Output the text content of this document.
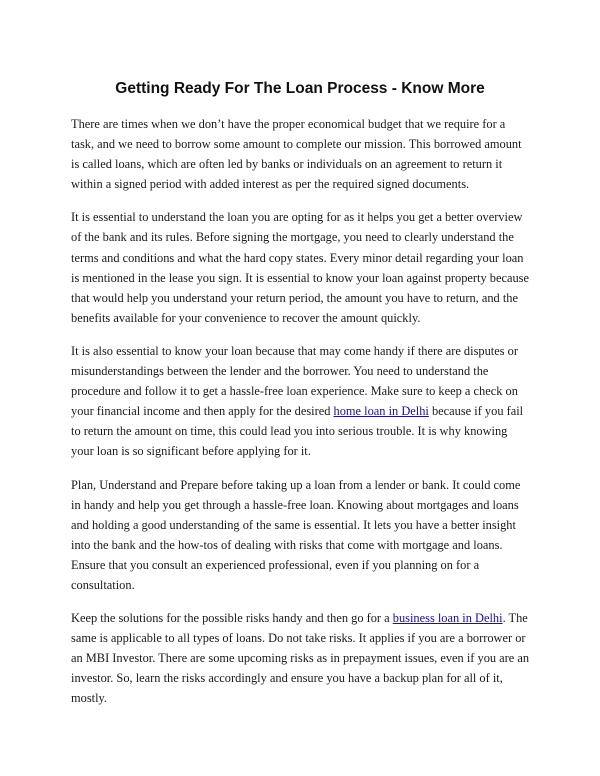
Getting Ready For The Loan Process - Know More

There are times when we don’t have the proper economical budget that we require for a task, and we need to borrow some amount to complete our mission. This borrowed amount is called loans, which are often led by banks or individuals on an agreement to return it within a signed period with added interest as per the required signed documents.

It is essential to understand the loan you are opting for as it helps you get a better overview of the bank and its rules. Before signing the mortgage, you need to clearly understand the terms and conditions and what the hard copy states. Every minor detail regarding your loan is mentioned in the lease you sign. It is essential to know your loan against property because that would help you understand your return period, the amount you have to return, and the benefits available for your convenience to recover the amount quickly.

It is also essential to know your loan because that may come handy if there are disputes or misunderstandings between the lender and the borrower. You need to understand the procedure and follow it to get a hassle-free loan experience. Make sure to keep a check on your financial income and then apply for the desired home loan in Delhi because if you fail to return the amount on time, this could lead you into serious trouble. It is why knowing your loan is so significant before applying for it.

Plan, Understand and Prepare before taking up a loan from a lender or bank. It could come in handy and help you get through a hassle-free loan. Knowing about mortgages and loans and holding a good understanding of the same is essential. It lets you have a better insight into the bank and the how-tos of dealing with risks that come with mortgage and loans. Ensure that you consult an experienced professional, even if you planning on for a consultation.

Keep the solutions for the possible risks handy and then go for a business loan in Delhi. The same is applicable to all types of loans. Do not take risks. It applies if you are a borrower or an MBI Investor. There are some upcoming risks as in prepayment issues, even if you are an investor. So, learn the risks accordingly and ensure you have a backup plan for all of it, mostly.
